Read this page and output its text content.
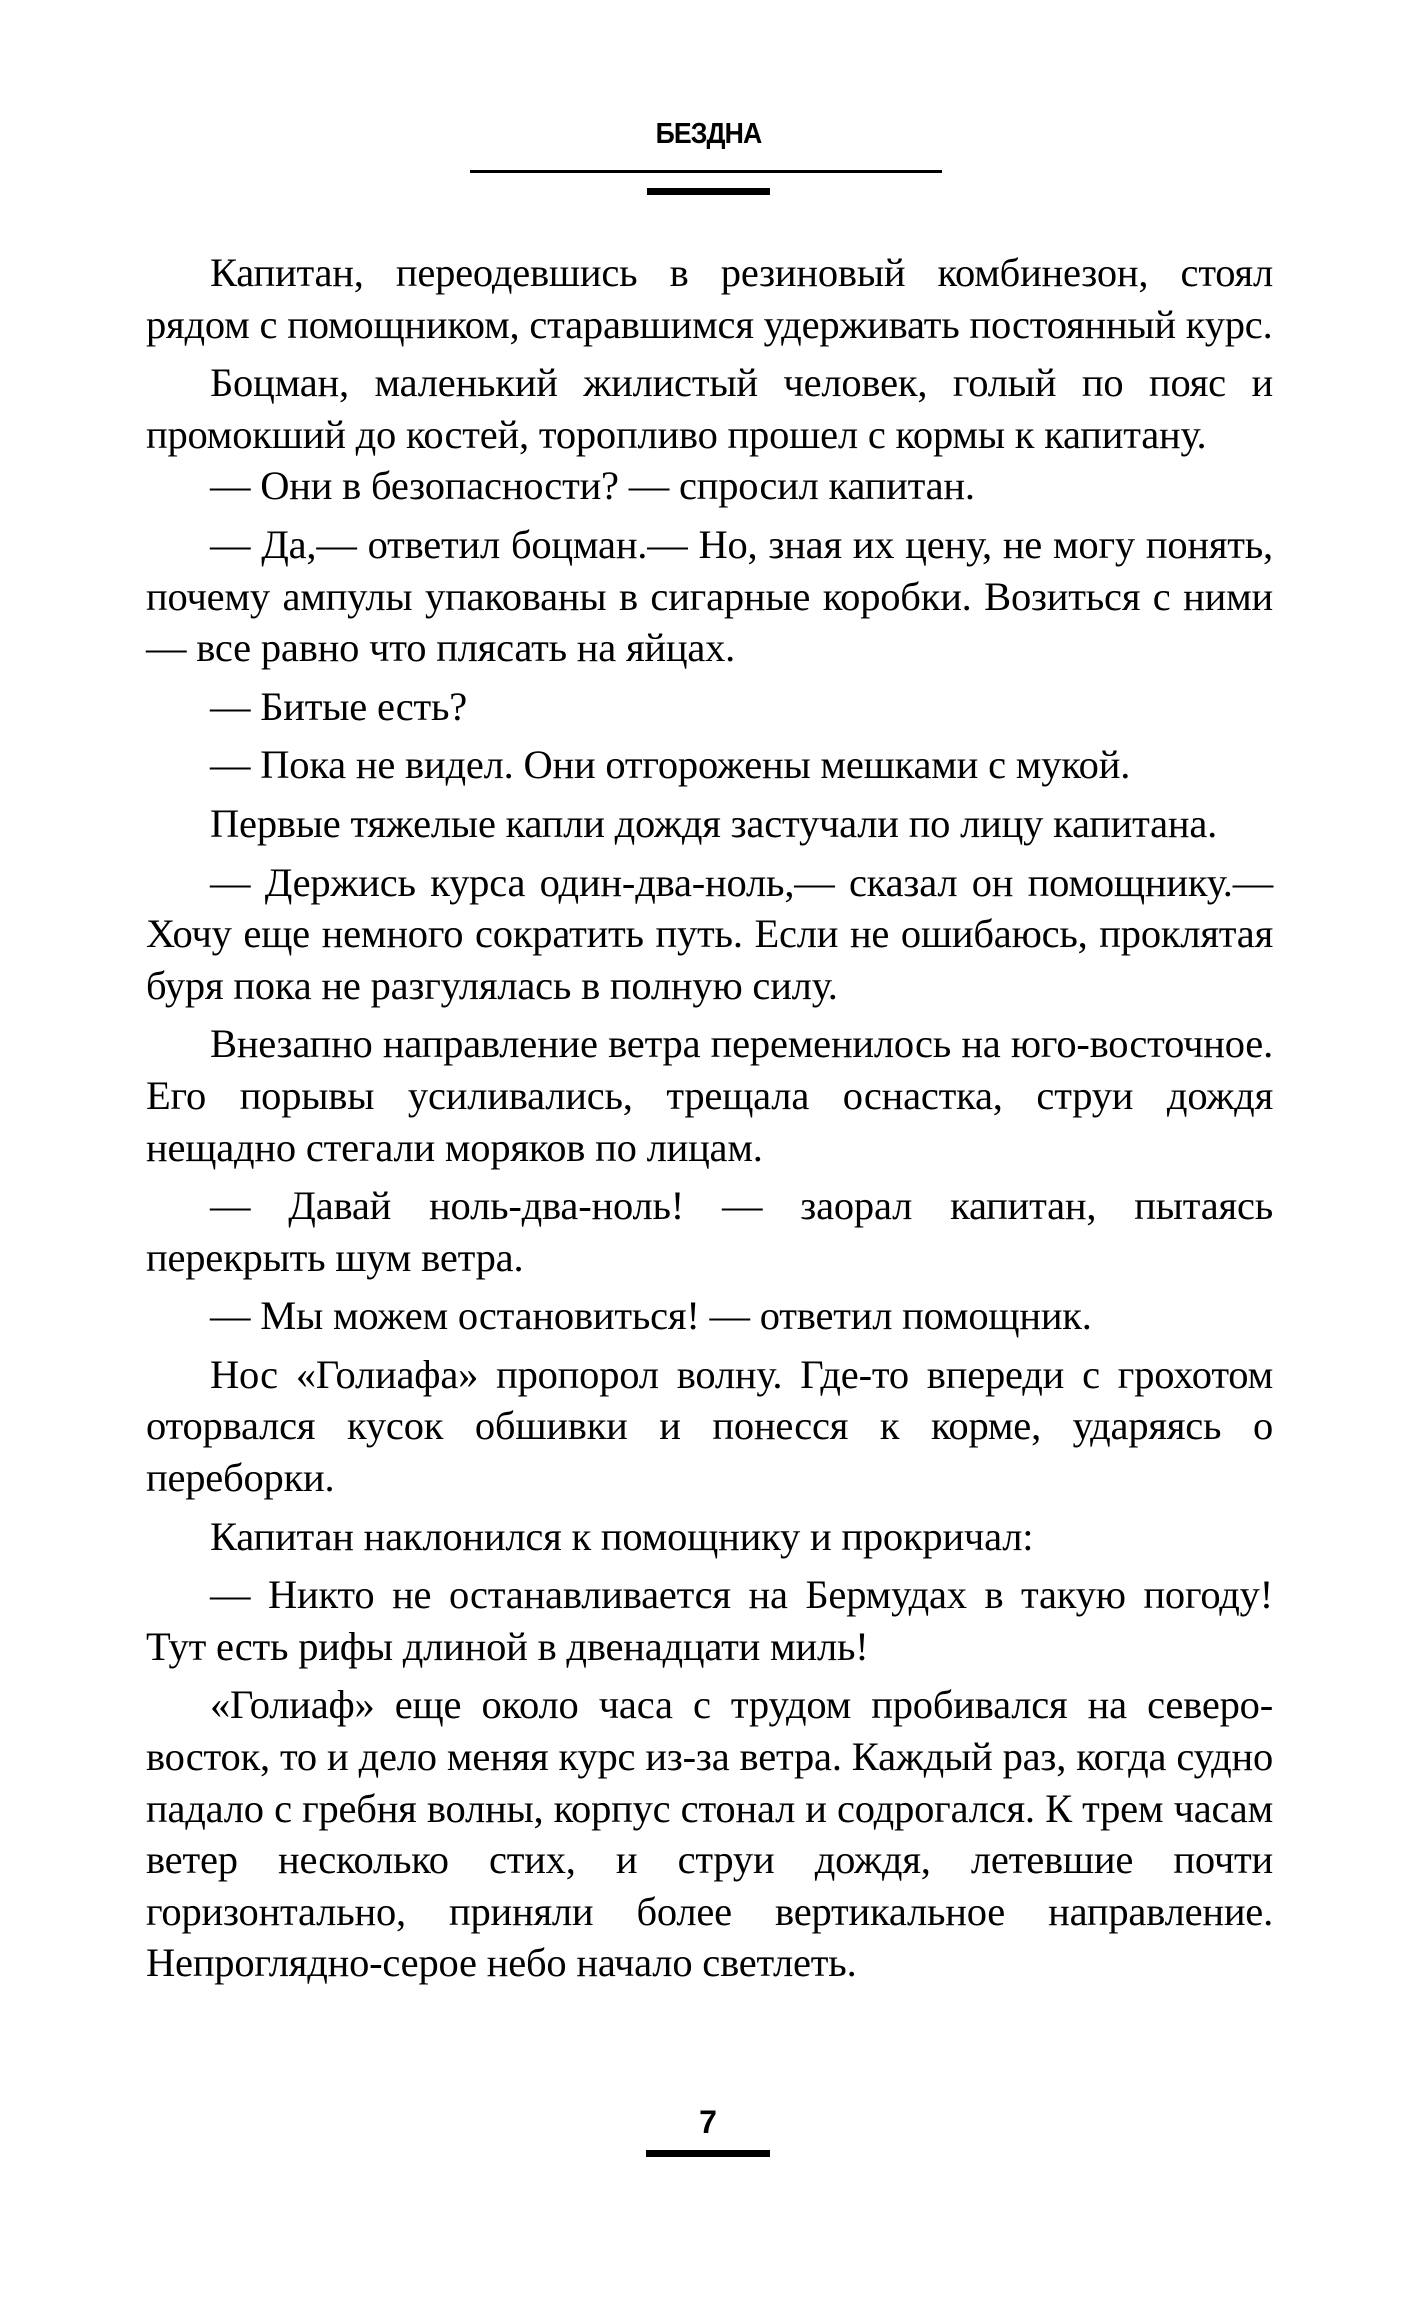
БЕЗДНА

Капитан, переодевшись в резиновый комбинезон, стоял рядом с помощником, старавшимся удерживать постоянный курс.

Боцман, маленький жилистый человек, голый по пояс и промокший до костей, торопливо прошел с кормы к капитану.

— Они в безопасности? — спросил капитан.

— Да,— ответил боцман.— Но, зная их цену, не могу понять, почему ампулы упакованы в сигарные коробки. Возиться с ними — все равно что плясать на яйцах.

— Битые есть?

— Пока не видел. Они отгорожены мешками с мукой.

Первые тяжелые капли дождя застучали по лицу капитана.

— Держись курса один-два-ноль,— сказал он помощнику.— Хочу еще немного сократить путь. Если не ошибаюсь, проклятая буря пока не разгулялась в полную силу.

Внезапно направление ветра переменилось на юго-восточное. Его порывы усиливались, трещала оснастка, струи дождя нещадно стегали моряков по лицам.

— Давай ноль-два-ноль! — заорал капитан, пытаясь перекрыть шум ветра.

— Мы можем остановиться! — ответил помощник.

Нос «Голиафа» пропорол волну. Где-то впереди с грохотом оторвался кусок обшивки и понесся к корме, ударяясь о переборки.

Капитан наклонился к помощнику и прокричал:

— Никто не останавливается на Бермудах в такую погоду! Тут есть рифы длиной в двенадцати миль!

«Голиаф» еще около часа с трудом пробивался на северо-восток, то и дело меняя курс из-за ветра. Каждый раз, когда судно падало с гребня волны, корпус стонал и содрогался. К трем часам ветер несколько стих, и струи дождя, летевшие почти горизонтально, приняли более вертикальное направление. Непроглядно-серое небо начало светлеть.

7
